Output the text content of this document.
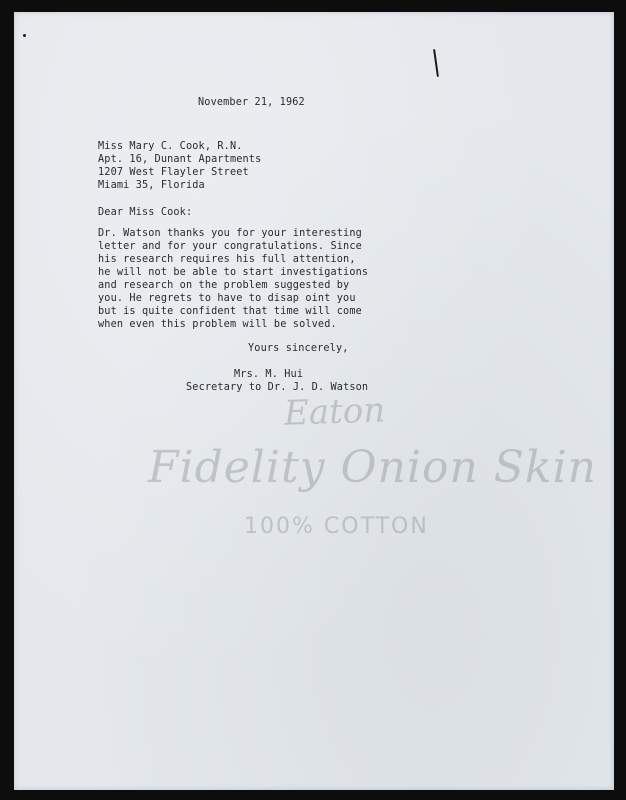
Eaton
Fidelity Onion Skin
100% COTTON
November 21, 1962
Miss Mary C. Cook, R.N.
Apt. 16, Dunant Apartments
1207 West Flayler Street
Miami 35, Florida
Dear Miss Cook:
Dr. Watson thanks you for your interesting
letter and for your congratulations. Since
his research requires his full attention,
he will not be able to start investigations
and research on the problem suggested by
you. He regrets to have to disap oint you
but is quite confident that time will come
when even this problem will be solved.
Yours sincerely,
Mrs. M. Hui
Secretary to Dr. J. D. Watson
